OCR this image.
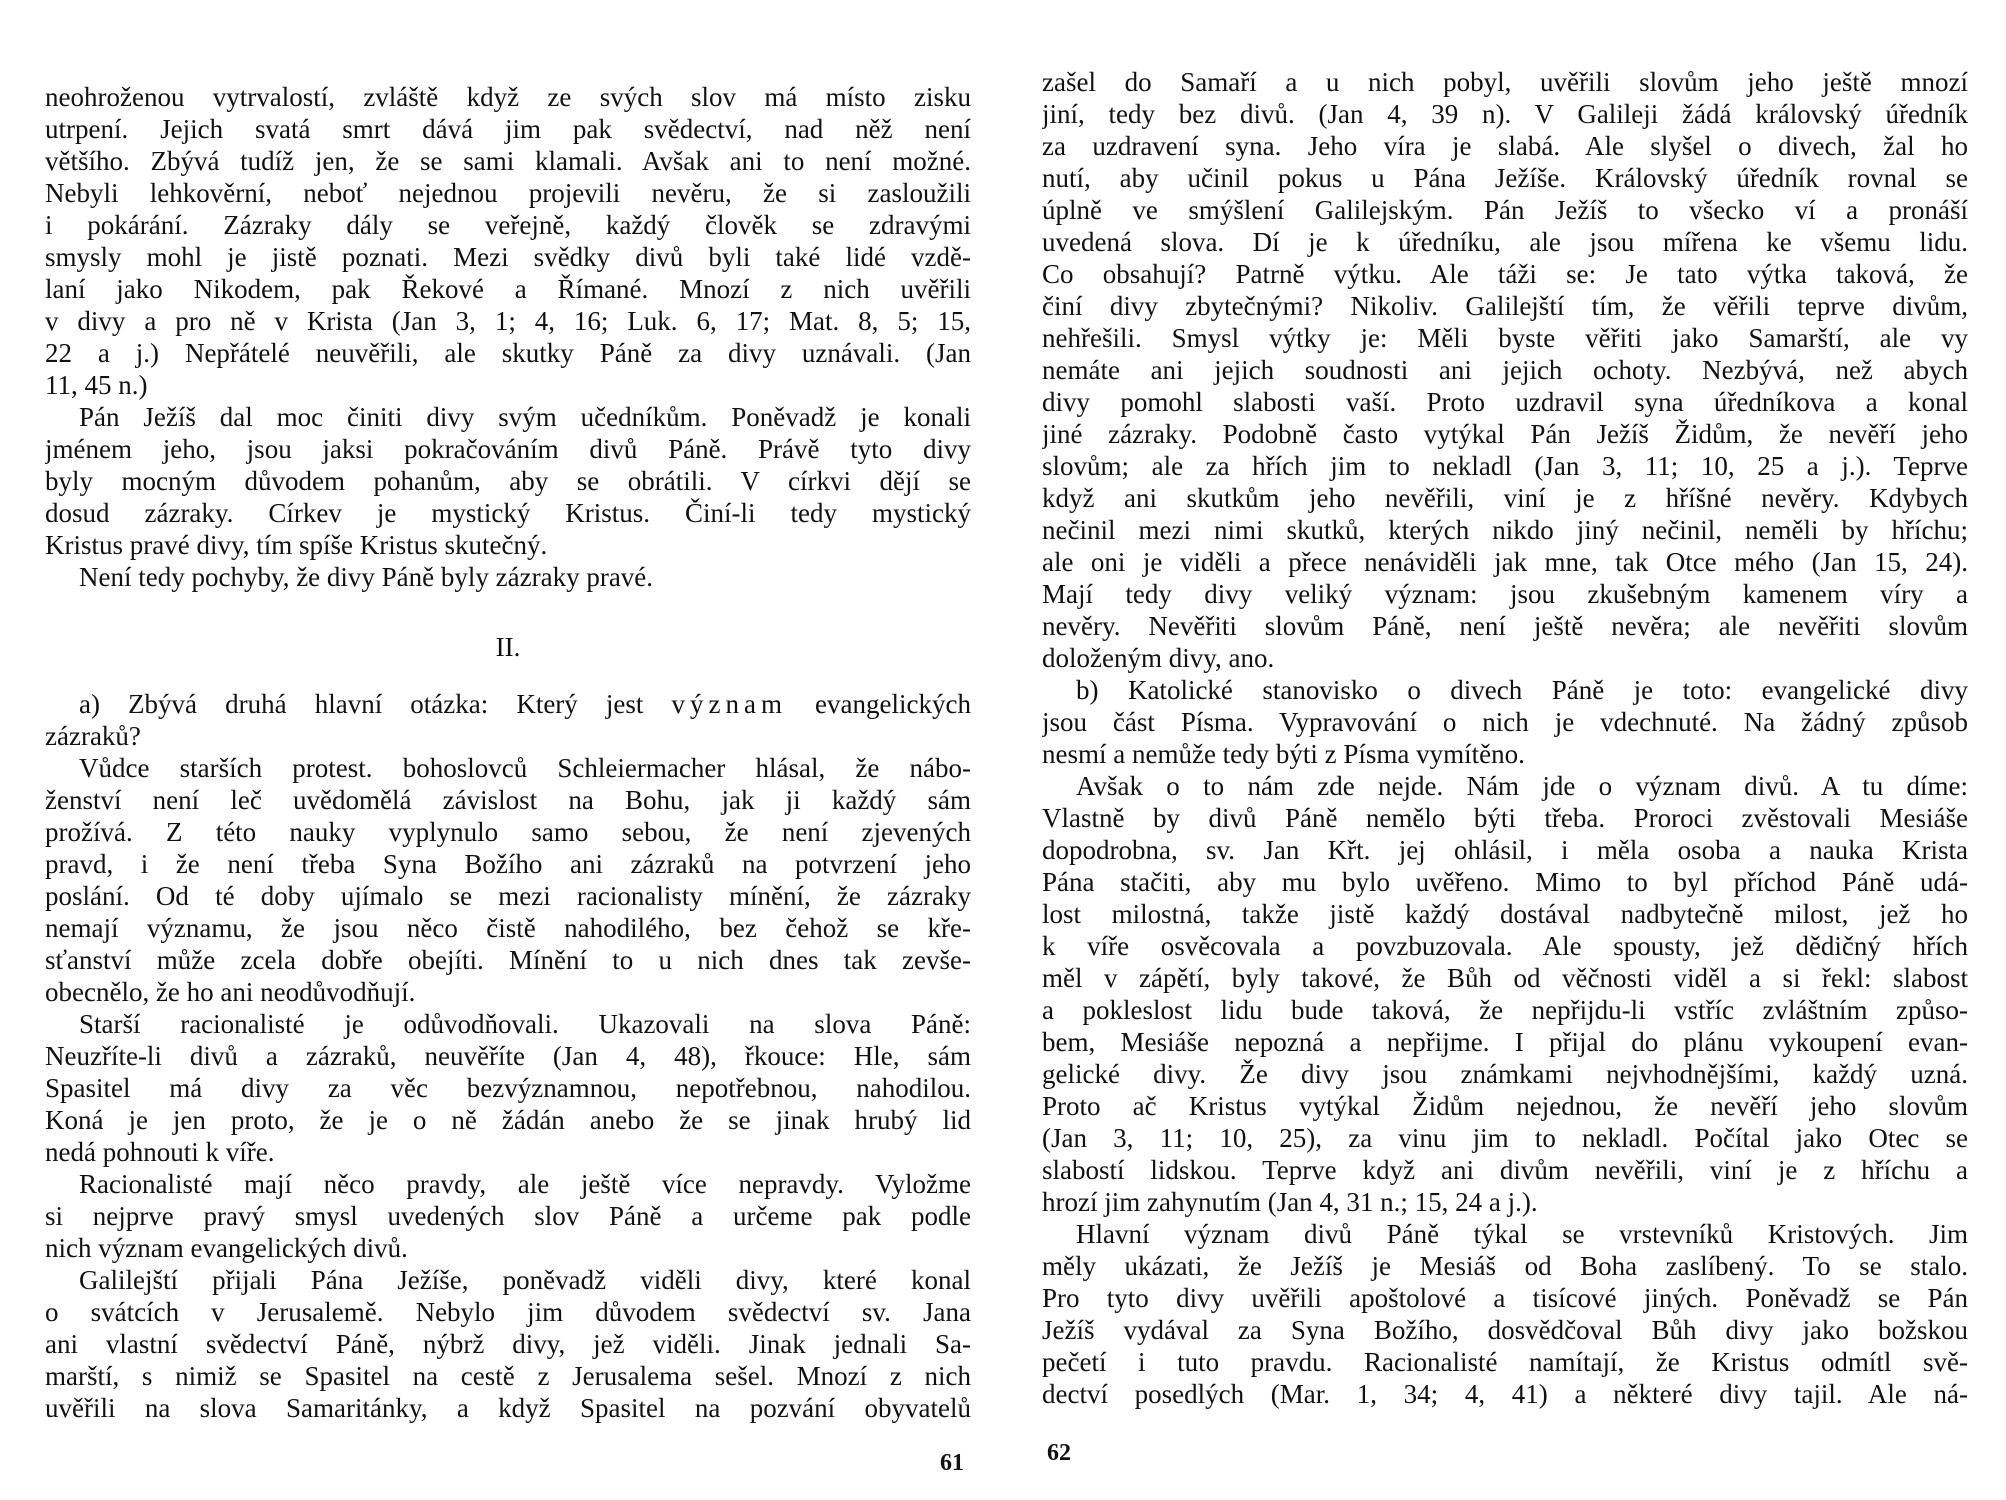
neohroženou vytrvalostí, zvláště když ze svých slov má místo zisku
utrpení. Jejich svatá smrt dává jim pak svědectví, nad něž není
většího. Zbývá tudíž jen, že se sami klamali. Avšak ani to není možné.
Nebyli lehkověrní, neboť nejednou projevili nevěru, že si zasloužili
i pokárání. Zázraky dály se veřejně, každý člověk se zdravými
smysly mohl je jistě poznati. Mezi svědky divů byli také lidé vzdě-
laní jako Nikodem, pak Řekové a Římané. Mnozí z nich uvěřili
v divy a pro ně v Krista (Jan 3, 1; 4, 16; Luk. 6, 17; Mat. 8, 5; 15,
22 a j.) Nepřátelé neuvěřili, ale skutky Páně za divy uznávali. (Jan
11, 45 n.)
Pán Ježíš dal moc činiti divy svým učedníkům. Poněvadž je konali
jménem jeho, jsou jaksi pokračováním divů Páně. Právě tyto divy
byly mocným důvodem pohanům, aby se obrátili. V církvi dějí se
dosud zázraky. Církev je mystický Kristus. Činí-li tedy mystický
Kristus pravé divy, tím spíše Kristus skutečný.
Není tedy pochyby, že divy Páně byly zázraky pravé.
II.
a) Zbývá druhá hlavní otázka: Který jest význam evangelických
zázraků?
Vůdce starších protest. bohoslovců Schleiermacher hlásal, že nábo-
ženství není leč uvědomělá závislost na Bohu, jak ji každý sám
prožívá. Z této nauky vyplynulo samo sebou, že není zjevených
pravd, i že není třeba Syna Božího ani zázraků na potvrzení jeho
poslání. Od té doby ujímalo se mezi racionalisty mínění, že zázraky
nemají významu, že jsou něco čistě nahodilého, bez čehož se kře-
sťanství může zcela dobře obejíti. Mínění to u nich dnes tak zevše-
obecnělo, že ho ani neodůvodňují.
Starší racionalisté je odůvodňovali. Ukazovali na slova Páně:
Neuzříte-li divů a zázraků, neuvěříte (Jan 4, 48), řkouce: Hle, sám
Spasitel má divy za věc bezvýznamnou, nepotřebnou, nahodilou.
Koná je jen proto, že je o ně žádán anebo že se jinak hrubý lid
nedá pohnouti k víře.
Racionalisté mají něco pravdy, ale ještě více nepravdy. Vyložme
si nejprve pravý smysl uvedených slov Páně a určeme pak podle
nich význam evangelických divů.
Galilejští přijali Pána Ježíše, poněvadž viděli divy, které konal
o svátcích v Jerusalemě. Nebylo jim důvodem svědectví sv. Jana
ani vlastní svědectví Páně, nýbrž divy, jež viděli. Jinak jednali Sa-
marští, s nimiž se Spasitel na cestě z Jerusalema sešel. Mnozí z nich
uvěřili na slova Samaritánky, a když Spasitel na pozvání obyvatelů
61
zašel do Samaří a u nich pobyl, uvěřili slovům jeho ještě mnozí
jiní, tedy bez divů. (Jan 4, 39 n). V Galileji žádá královský úředník
za uzdravení syna. Jeho víra je slabá. Ale slyšel o divech, žal ho
nutí, aby učinil pokus u Pána Ježíše. Královský úředník rovnal se
úplně ve smýšlení Galilejským. Pán Ježíš to všecko ví a pronáší
uvedená slova. Dí je k úředníku, ale jsou mířena ke všemu lidu.
Co obsahují? Patrně výtku. Ale táži se: Je tato výtka taková, že
činí divy zbytečnými? Nikoliv. Galilejští tím, že věřili teprve divům,
nehřešili. Smysl výtky je: Měli byste věřiti jako Samarští, ale vy
nemáte ani jejich soudnosti ani jejich ochoty. Nezbývá, než abych
divy pomohl slabosti vaší. Proto uzdravil syna úředníkova a konal
jiné zázraky. Podobně často vytýkal Pán Ježíš Židům, že nevěří jeho
slovům; ale za hřích jim to nekladl (Jan 3, 11; 10, 25 a j.). Teprve
když ani skutkům jeho nevěřili, viní je z hříšné nevěry. Kdybych
nečinil mezi nimi skutků, kterých nikdo jiný nečinil, neměli by hříchu;
ale oni je viděli a přece nenáviděli jak mne, tak Otce mého (Jan 15, 24).
Mají tedy divy veliký význam: jsou zkušebným kamenem víry a
nevěry. Nevěřiti slovům Páně, není ještě nevěra; ale nevěřiti slovům
doloženým divy, ano.
b) Katolické stanovisko o divech Páně je toto: evangelické divy
jsou část Písma. Vypravování o nich je vdechnuté. Na žádný způsob
nesmí a nemůže tedy býti z Písma vymítěno.
Avšak o to nám zde nejde. Nám jde o význam divů. A tu díme:
Vlastně by divů Páně nemělo býti třeba. Proroci zvěstovali Mesiáše
dopodrobna, sv. Jan Křt. jej ohlásil, i měla osoba a nauka Krista
Pána stačiti, aby mu bylo uvěřeno. Mimo to byl příchod Páně udá-
lost milostná, takže jistě každý dostával nadbytečně milost, jež ho
k víře osvěcovala a povzbuzovala. Ale spousty, jež dědičný hřích
měl v zápětí, byly takové, že Bůh od věčnosti viděl a si řekl: slabost
a pokleslost lidu bude taková, že nepřijdu-li vstříc zvláštním způso-
bem, Mesiáše nepozná a nepřijme. I přijal do plánu vykoupení evan-
gelické divy. Že divy jsou známkami nejvhodnějšími, každý uzná.
Proto ač Kristus vytýkal Židům nejednou, že nevěří jeho slovům
(Jan 3, 11; 10, 25), za vinu jim to nekladl. Počítal jako Otec se
slabostí lidskou. Teprve když ani divům nevěřili, viní je z hříchu a
hrozí jim zahynutím (Jan 4, 31 n.; 15, 24 a j.).
Hlavní význam divů Páně týkal se vrstevníků Kristových. Jim
měly ukázati, že Ježíš je Mesiáš od Boha zaslíbený. To se stalo.
Pro tyto divy uvěřili apoštolové a tisícové jiných. Poněvadž se Pán
Ježíš vydával za Syna Božího, dosvědčoval Bůh divy jako božskou
pečetí i tuto pravdu. Racionalisté namítají, že Kristus odmítl svě-
dectví posedlých (Mar. 1, 34; 4, 41) a některé divy tajil. Ale ná-
62
